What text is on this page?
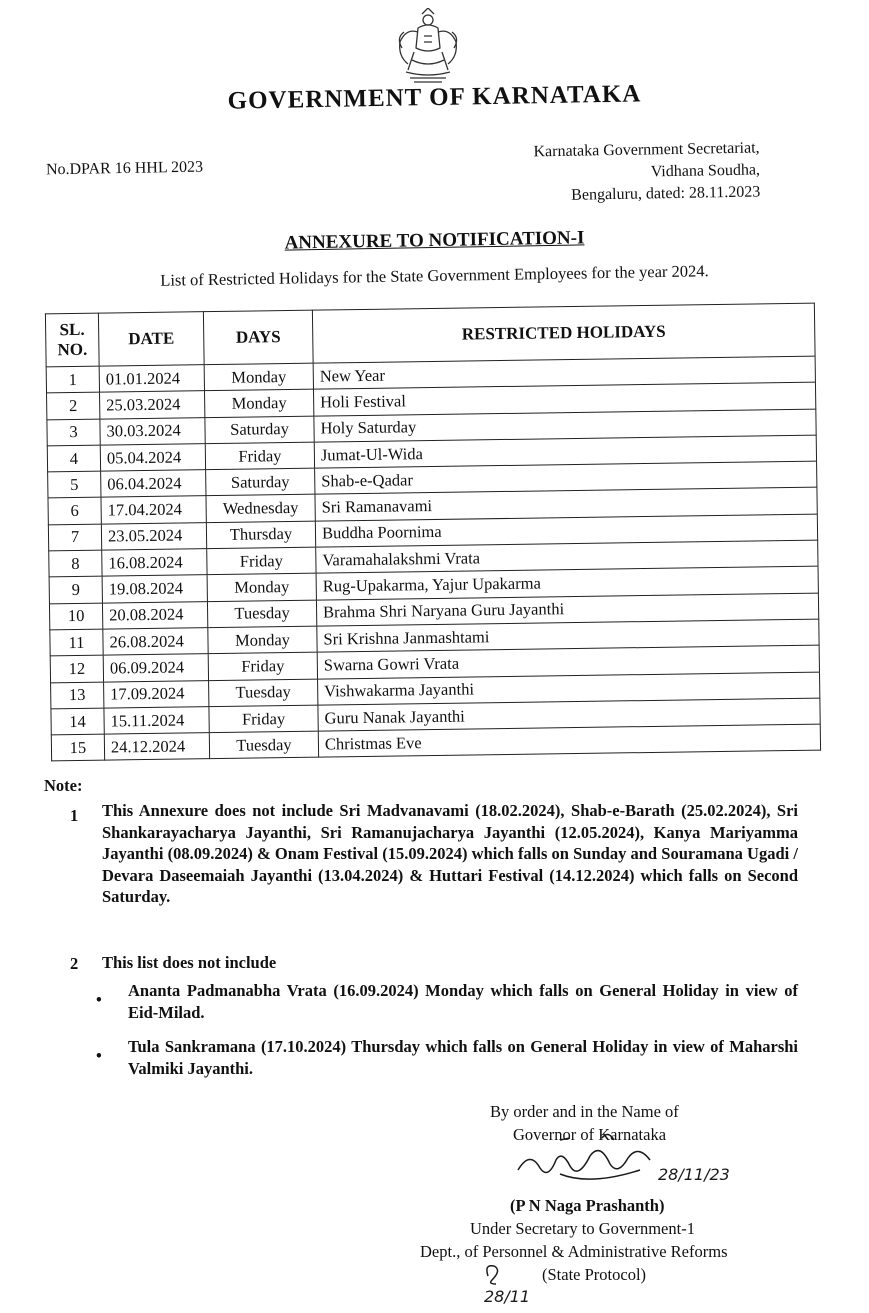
GOVERNMENT OF KARNATAKA
No.DPAR 16 HHL 2023
Karnataka Government Secretariat,
Vidhana Soudha,
Bengaluru, dated: 28.11.2023
ANNEXURE TO NOTIFICATION-I
List of Restricted Holidays for the State Government Employees for the year 2024.
SL.
NO.	DATE	DAYS	RESTRICTED HOLIDAYS
1	01.01.2024	Monday	New Year
2	25.03.2024	Monday	Holi Festival
3	30.03.2024	Saturday	Holy Saturday
4	05.04.2024	Friday	Jumat-Ul-Wida
5	06.04.2024	Saturday	Shab-e-Qadar
6	17.04.2024	Wednesday	Sri Ramanavami
7	23.05.2024	Thursday	Buddha Poornima
8	16.08.2024	Friday	Varamahalakshmi Vrata
9	19.08.2024	Monday	Rug-Upakarma, Yajur Upakarma
10	20.08.2024	Tuesday	Brahma Shri Naryana Guru Jayanthi
11	26.08.2024	Monday	Sri Krishna Janmashtami
12	06.09.2024	Friday	Swarna Gowri Vrata
13	17.09.2024	Tuesday	Vishwakarma Jayanthi
14	15.11.2024	Friday	Guru Nanak Jayanthi
15	24.12.2024	Tuesday	Christmas Eve
Note:
1 This Annexure does not include Sri Madvanavami (18.02.2024), Shab-e-Barath (25.02.2024), Sri Shankarayacharya Jayanthi, Sri Ramanujacharya Jayanthi (12.05.2024), Kanya Mariyamma Jayanthi (08.09.2024) & Onam Festival (15.09.2024) which falls on Sunday and Souramana Ugadi / Devara Daseemaiah Jayanthi (13.04.2024) & Huttari Festival (14.12.2024) which falls on Second Saturday.
2 This list does not include
• Ananta Padmanabha Vrata (16.09.2024) Monday which falls on General Holiday in view of Eid-Milad.
• Tula Sankramana (17.10.2024) Thursday which falls on General Holiday in view of Maharshi Valmiki Jayanthi.
By order and in the Name of
Governor of Karnataka
28/11/23
(P N Naga Prashanth)
Under Secretary to Government-1
Dept., of Personnel & Administrative Reforms
(State Protocol)
28/11
